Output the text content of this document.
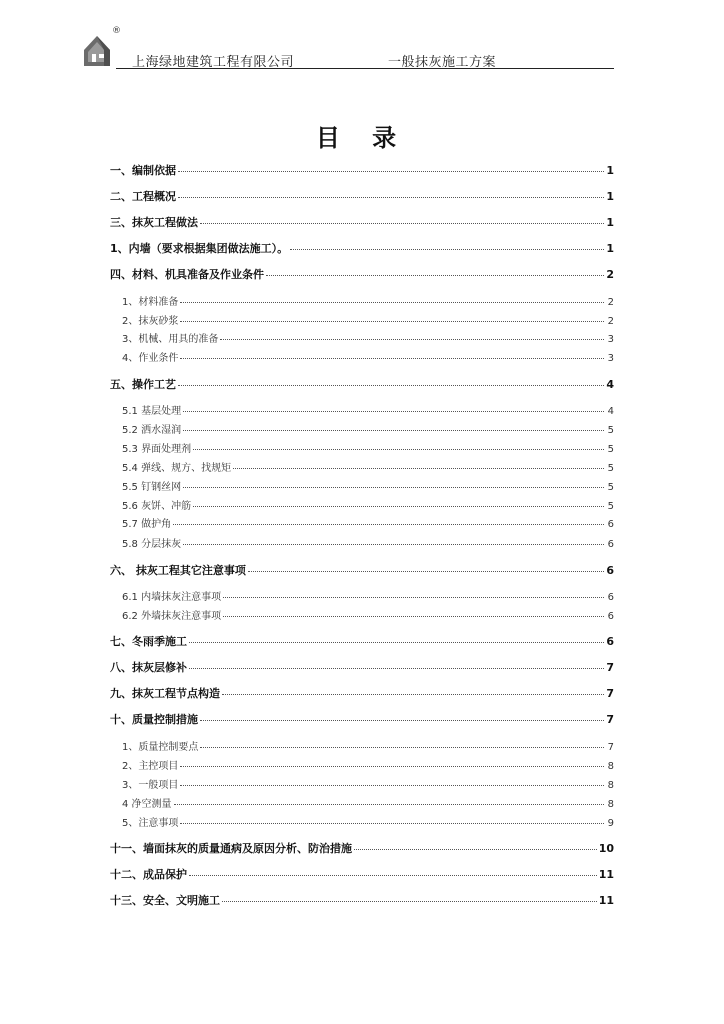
®
上海绿地建筑工程有限公司	一般抹灰施工方案
目 录
一、编制依据	1
二、工程概况	1
三、抹灰工程做法	1
1、内墙（要求根据集团做法施工）。	1
四、材料、机具准备及作业条件	2
1、材料准备	2
2、抹灰砂浆	2
3、机械、用具的准备	3
4、作业条件	3
五、操作工艺	4
5.1 基层处理	4
5.2 洒水湿润	5
5.3 界面处理剂	5
5.4 弹线、规方、找规矩	5
5.5 钉钢丝网	5
5.6 灰饼、冲筋	5
5.7 做护角	6
5.8 分层抹灰	6
六、 抹灰工程其它注意事项	6
6.1 内墙抹灰注意事项	6
6.2 外墙抹灰注意事项	6
七、冬雨季施工	6
八、抹灰层修补	7
九、抹灰工程节点构造	7
十、质量控制措施	7
1、质量控制要点	7
2、主控项目	8
3、一般项目	8
4 净空测量	8
5、注意事项	9
十一、墙面抹灰的质量通病及原因分析、防治措施	10
十二、成品保护	11
十三、安全、文明施工	11
